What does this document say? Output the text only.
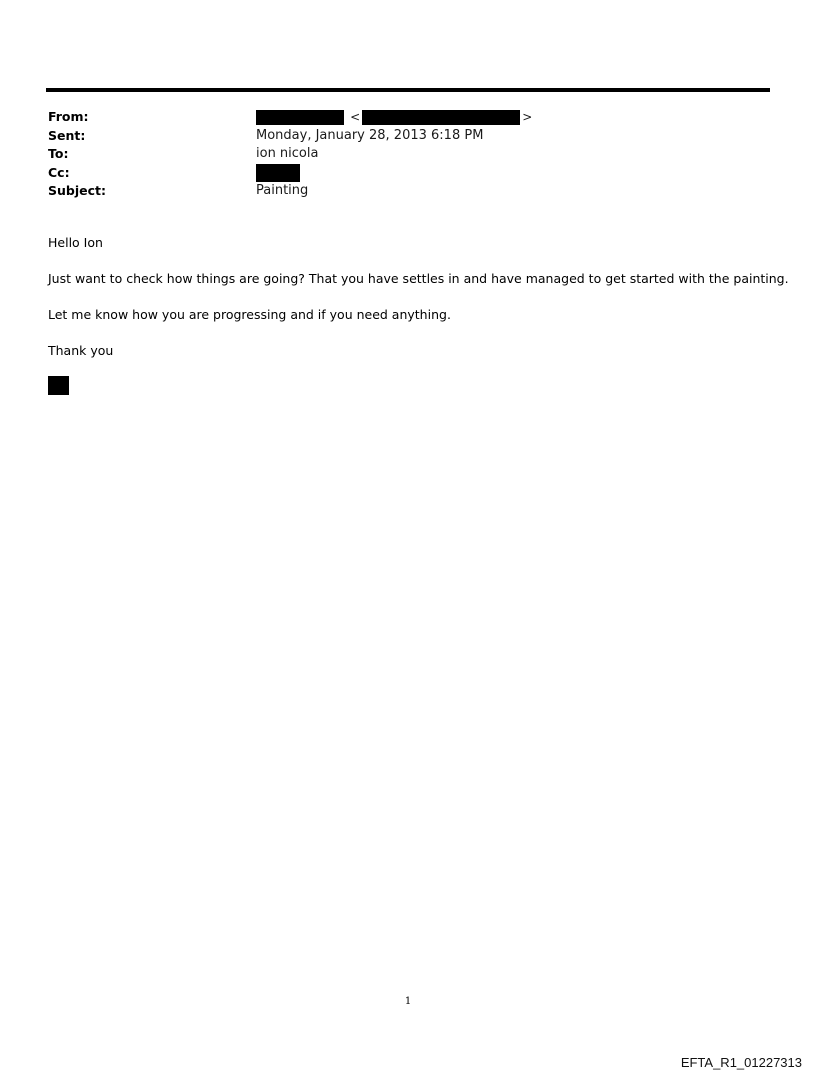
From:	<	>
Sent:	Monday, January 28, 2013 6:18 PM
To:	ion nicola
Cc:
Subject:	Painting

Hello Ion

Just want to check how things are going? That you have settles in and have managed to get started with the painting.

Let me know how you are progressing and if you need anything.

Thank you

1
EFTA_R1_01227313
